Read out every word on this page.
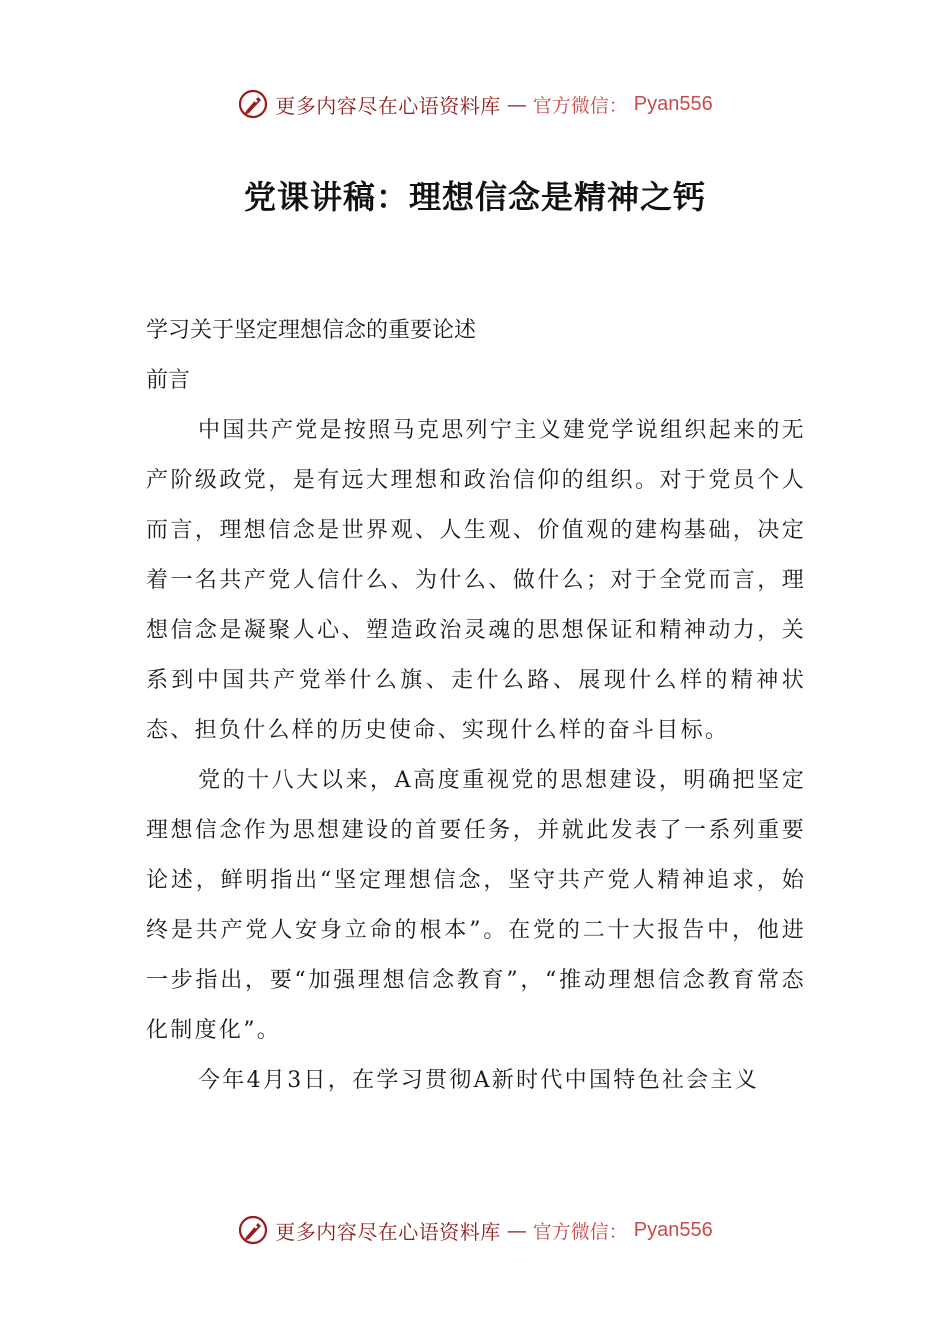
更多内容尽在心语资料库 — 官方微信： Pyan556
党课讲稿：理想信念是精神之钙
学习关于坚定理想信念的重要论述
前言

中国共产党是按照马克思列宁主义建党学说组织起来的无产阶级政党，是有远大理想和政治信仰的组织。对于党员个人而言，理想信念是世界观、人生观、价值观的建构基础，决定着一名共产党人信什么、为什么、做什么；对于全党而言，理想信念是凝聚人心、塑造政治灵魂的思想保证和精神动力，关系到中国共产党举什么旗、走什么路、展现什么样的精神状态、担负什么样的历史使命、实现什么样的奋斗目标。

党的十八大以来，A高度重视党的思想建设，明确把坚定理想信念作为思想建设的首要任务，并就此发表了一系列重要论述，鲜明指出“坚定理想信念，坚守共产党人精神追求，始终是共产党人安身立命的根本”。在党的二十大报告中，他进一步指出，要“加强理想信念教育”，“推动理想信念教育常态化制度化”。

今年4月3日，在学习贯彻A新时代中国特色社会主义

更多内容尽在心语资料库 — 官方微信： Pyan556
